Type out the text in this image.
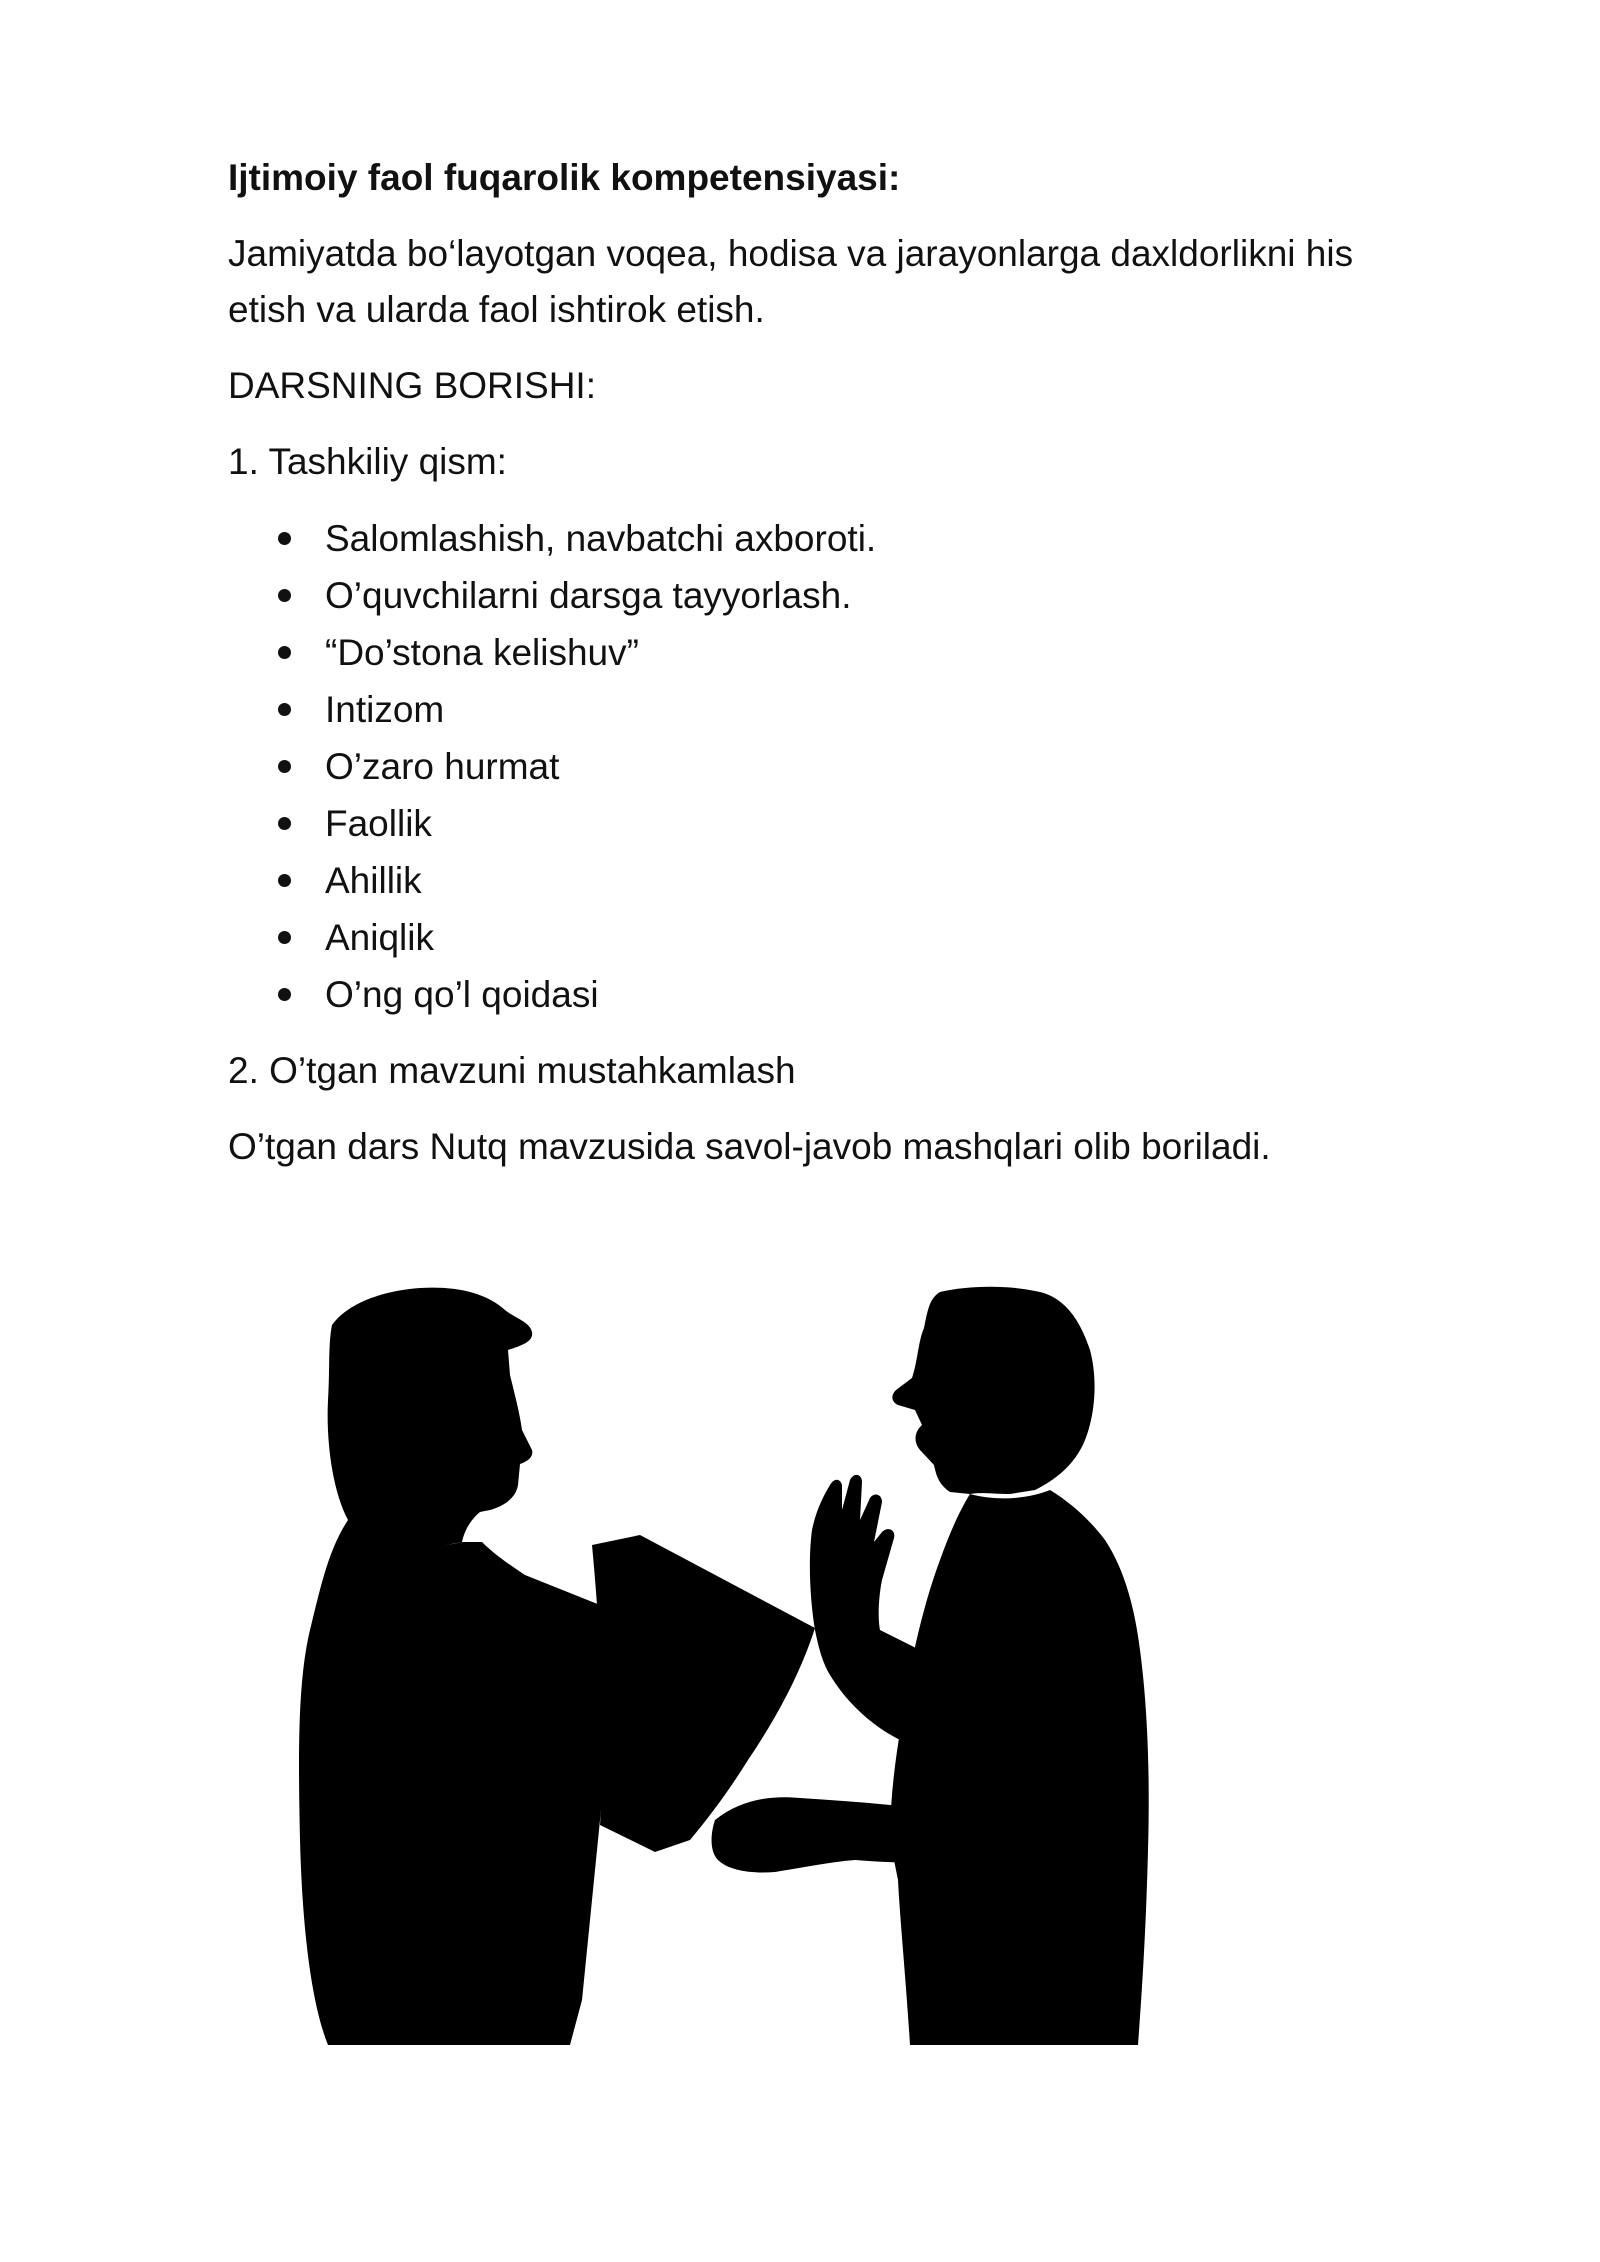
Ijtimoiy faol fuqarolik kompetensiyasi:

Jamiyatda bo‘layotgan voqea, hodisa va jarayonlarga daxldorlikni his etish va ularda faol ishtirok etish.

DARSNING BORISHI:

1. Tashkiliy qism:

Salomlashish, navbatchi axboroti.
O’quvchilarni darsga tayyorlash.
“Do’stona kelishuv”
Intizom
O’zaro hurmat
Faollik
Ahillik
Aniqlik
O’ng qo’l qoidasi

2. O’tgan mavzuni mustahkamlash

O’tgan dars Nutq mavzusida savol-javob mashqlari olib boriladi.
